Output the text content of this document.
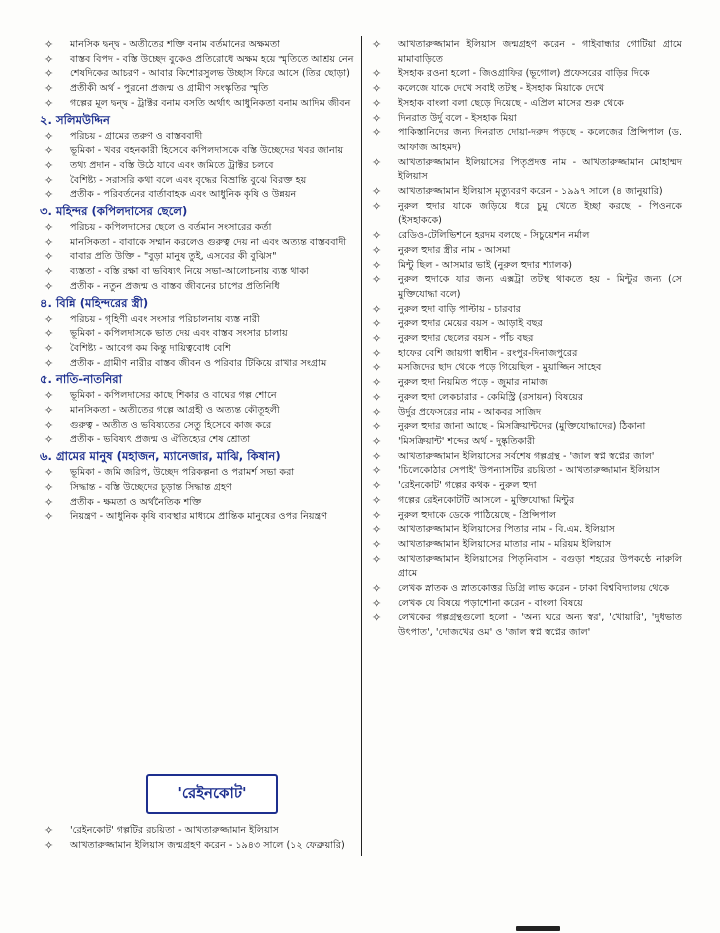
✧	মানসিক দ্বন্দ্ব - অতীতের শক্তি বনাম বর্তমানের অক্ষমতা
✧	বাস্তব বিপদ - বস্তি উচ্ছেদ বুকেও প্রতিরোধে অক্ষম হয়ে স্মৃতিতে আশ্রয় নেন
✧	শেষদিকের আচরণ - আবার কিশোরসুলভ উচ্ছাস ফিরে আসে (তির ছোড়া)
✧	প্রতীকী অর্থ - পুরনো প্রজন্ম ও গ্রামীণ সংস্কৃতির স্মৃতি
✧	গল্পের মূল দ্বন্দ্ব - ট্রাক্টর বনাম বসতি অর্থাৎ আধুনিকতা বনাম আদিম জীবন
২. সলিমউদ্দিন
✧	পরিচয় - গ্রামের তরুণ ও বাস্তববাদী
✧	ভূমিকা - খবর বহনকারী হিসেবে কপিলদাসকে বস্তি উচ্ছেদের খবর জানায়
✧	তথ্য প্রদান - বস্তি উঠে যাবে এবং জমিতে ট্রাক্টর চলবে
✧	বৈশিষ্ট্য - সরাসরি কথা বলে এবং বৃদ্ধের বিভ্রান্তি বুঝে বিরক্ত হয়
✧	প্রতীক - পরিবর্তনের বার্তাবাহক এবং আধুনিক কৃষি ও উন্নয়ন
৩. মহিন্দর (কপিলদাসের ছেলে)
✧	পরিচয় - কপিলদাসের ছেলে ও বর্তমান সংসারের কর্তা
✧	মানসিকতা - বাবাকে সম্মান করলেও গুরুত্ব দেয় না এবং অত্যন্ত বাস্তববাদী
✧	বাবার প্রতি উক্তি - "বুড়া মানুষ তুই, এসবের কী বুঝিস"
✧	ব্যস্ততা - বস্তি রক্ষা বা ভবিষ্যৎ নিয়ে সভা-আলোচনায় ব্যস্ত থাকা
✧	প্রতীক - নতুন প্রজন্ম ও বাস্তব জীবনের চাপের প্রতিনিধি
৪. বিন্নি (মহিন্দরের স্ত্রী)
✧	পরিচয় - গৃহিণী এবং সংসার পরিচালনায় ব্যস্ত নারী
✧	ভূমিকা - কপিলদাসকে ভাত দেয় এবং বাস্তব সংসার চালায়
✧	বৈশিষ্ট্য - আবেগ কম কিন্তু দায়িত্ববোধ বেশি
✧	প্রতীক - গ্রামীণ নারীর বাস্তব জীবন ও পরিবার টিকিয়ে রাখার সংগ্রাম
৫. নাতি-নাতনিরা
✧	ভূমিকা - কপিলদাসের কাছে শিকার ও বাঘের গল্প শোনে
✧	মানসিকতা - অতীতের গল্পে আগ্রহী ও অত্যন্ত কৌতূহলী
✧	গুরুত্ব - অতীত ও ভবিষ্যতের সেতু হিসেবে কাজ করে
✧	প্রতীক - ভবিষ্যৎ প্রজন্ম ও ঐতিহ্যের শেষ শ্রোতা
৬. গ্রামের মানুষ (মহাজন, ম্যানেজার, মাঝি, কিষান)
✧	ভূমিকা - জমি জরিপ, উচ্ছেদ পরিকল্পনা ও পরামর্শ সভা করা
✧	সিদ্ধান্ত - বস্তি উচ্ছেদের চূড়ান্ত সিদ্ধান্ত গ্রহণ
✧	প্রতীক - ক্ষমতা ও অর্থনৈতিক শক্তি
✧	নিয়ন্ত্রণ - আধুনিক কৃষি ব্যবস্থার মাধ্যমে প্রান্তিক মানুষের ওপর নিয়ন্ত্রণ
✧	আখতারুজ্জামান ইলিয়াস জন্মগ্রহণ করেন - গাইবান্ধার গোটিয়া গ্রামে মামাবাড়িতে
✧	ইসহাক রওনা হলো - জিওগ্রাফির (ভূগোল) প্রফেসরের বাড়ির দিকে
✧	কলেজে যাকে দেখে সবাই তটস্থ - ইসহাক মিয়াকে দেখে
✧	ইসহাক বাংলা বলা ছেড়ে দিয়েছে - এপ্রিল মাসের শুরু থেকে
✧	দিনরাত উর্দু বলে - ইসহাক মিয়া
✧	পাকিস্তানিদের জন্য দিনরাত দোয়া-দরুদ পড়ছে - কলেজের প্রিন্সিপাল (ড. আফাজ আহমদ)
✧	আখতারুজ্জামান ইলিয়াসের পিতৃপ্রদত্ত নাম - আখতারুজ্জামান মোহাম্মদ ইলিয়াস
✧	আখতারুজ্জামান ইলিয়াস মৃত্যুবরণ করেন - ১৯৯৭ সালে (৪ জানুয়ারি)
✧	নুরুল হুদার যাকে জড়িয়ে ধরে চুমু খেতে ইচ্ছা করছে - পিওনকে (ইসহাককে)
✧	রেডিও-টেলিভিশনে হরদম বলছে - সিচুয়েশন নর্মাল
✧	নুরুল হুদার স্ত্রীর নাম - আসমা
✧	মিন্টু ছিল - আসমার ভাই (নুরুল হুদার শ্যালক)
✧	নুরুল হুদাকে যার জন্য এক্সট্রা তটস্থ থাকতে হয় - মিন্টুর জন্য (সে মুক্তিযোদ্ধা বলে)
✧	নুরুল হুদা বাড়ি পাল্টায় - চারবার
✧	নুরুল হুদার মেয়ের বয়স - আড়াই বছর
✧	নুরুল হুদার ছেলের বয়স - পাঁচ বছর
✧	হাফের বেশি জায়গা স্বাধীন - রংপুর-দিনাজপুরের
✧	মসজিদের ছাদ থেকে পড়ে গিয়েছিল - মুয়াজ্জিন সাহেব
✧	নুরুল হুদা নিয়মিত পড়ে - জুমার নামাজ
✧	নুরুল হুদা লেকচারার - কেমিস্ট্রি (রসায়ন) বিষয়ের
✧	উর্দুর প্রফেসরের নাম - আকবর সাজিদ
✧	নুরুল হুদার জানা আছে - মিসক্রিয়ান্টদের (মুক্তিযোদ্ধাদের) ঠিকানা
✧	'মিসক্রিয়ান্ট' শব্দের অর্থ - দুষ্কৃতিকারী
✧	আখতারুজ্জামান ইলিয়াসের সর্বশেষ গল্পগ্রন্থ - 'জাল স্বপ্ন স্বপ্নের জাল'
✧	'চিলেকোঠার সেপাই' উপন্যাসটির রচয়িতা - আখতারুজ্জামান ইলিয়াস
✧	'রেইনকোট' গল্পের কথক - নুরুল হুদা
✧	গল্পের রেইনকোটটি আসলে - মুক্তিযোদ্ধা মিন্টুর
✧	নুরুল হুদাকে ডেকে পাঠিয়েছে - প্রিন্সিপাল
✧	আখতারুজ্জামান ইলিয়াসের পিতার নাম - বি.এম. ইলিয়াস
✧	আখতারুজ্জামান ইলিয়াসের মাতার নাম - মরিয়ম ইলিয়াস
✧	আখতারুজ্জামান ইলিয়াসের পিতৃনিবাস - বগুড়া শহরের উপকণ্ঠে নারুলি গ্রামে
✧	লেখক স্নাতক ও স্নাতকোত্তর ডিগ্রি লাভ করেন - ঢাকা বিশ্ববিদ্যালয় থেকে
✧	লেখক যে বিষয়ে পড়াশোনা করেন - বাংলা বিষয়ে
✧	লেখকের গল্পগ্রন্থগুলো হলো - 'অন্য ঘরে অন্য স্বর', 'খোয়ারি', 'দুধভাত উৎপাত', 'দোজখের ওম' ও 'জাল স্বপ্ন স্বপ্নের জাল'
'রেইনকোট'
✧	'রেইনকোট' গল্পটির রচয়িতা - আখতারুজ্জামান ইলিয়াস
✧	আখতারুজ্জামান ইলিয়াস জন্মগ্রহণ করেন - ১৯৪৩ সালে (১২ ফেব্রুয়ারি)
